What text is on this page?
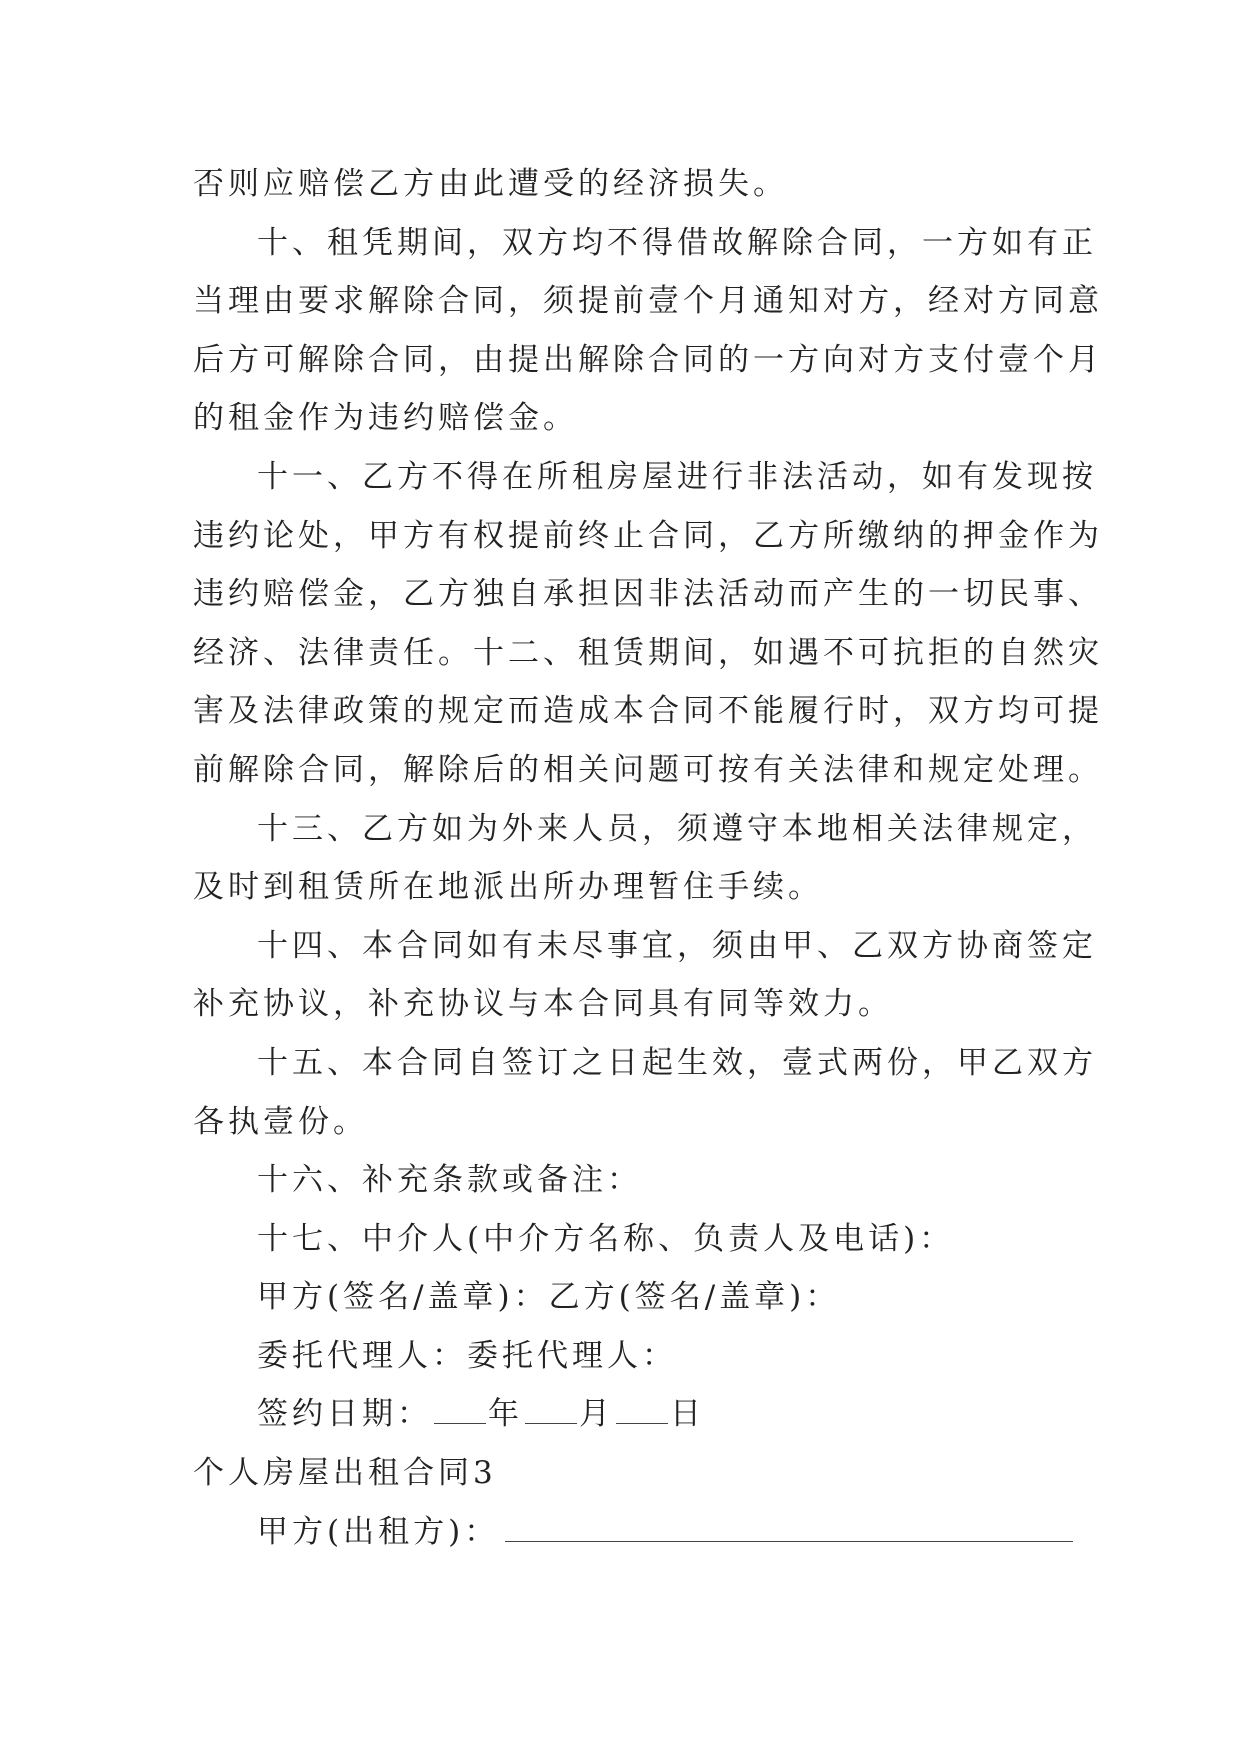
否则应赔偿乙方由此遭受的经济损失。
十、租凭期间，双方均不得借故解除合同，一方如有正
当理由要求解除合同，须提前壹个月通知对方，经对方同意
后方可解除合同，由提出解除合同的一方向对方支付壹个月
的租金作为违约赔偿金。
十一、乙方不得在所租房屋进行非法活动，如有发现按
违约论处，甲方有权提前终止合同，乙方所缴纳的押金作为
违约赔偿金，乙方独自承担因非法活动而产生的一切民事、
经济、法律责任。十二、租赁期间，如遇不可抗拒的自然灾
害及法律政策的规定而造成本合同不能履行时，双方均可提
前解除合同，解除后的相关问题可按有关法律和规定处理。
十三、乙方如为外来人员，须遵守本地相关法律规定，
及时到租赁所在地派出所办理暂住手续。
十四、本合同如有未尽事宜，须由甲、乙双方协商签定
补充协议，补充协议与本合同具有同等效力。
十五、本合同自签订之日起生效，壹式两份，甲乙双方
各执壹份。
十六、补充条款或备注：
十七、中介人(中介方名称、负责人及电话)：
甲方(签名/盖章)：乙方(签名/盖章)：
委托代理人：委托代理人：
签约日期： 年 月 日
个人房屋出租合同3
甲方(出租方)：
